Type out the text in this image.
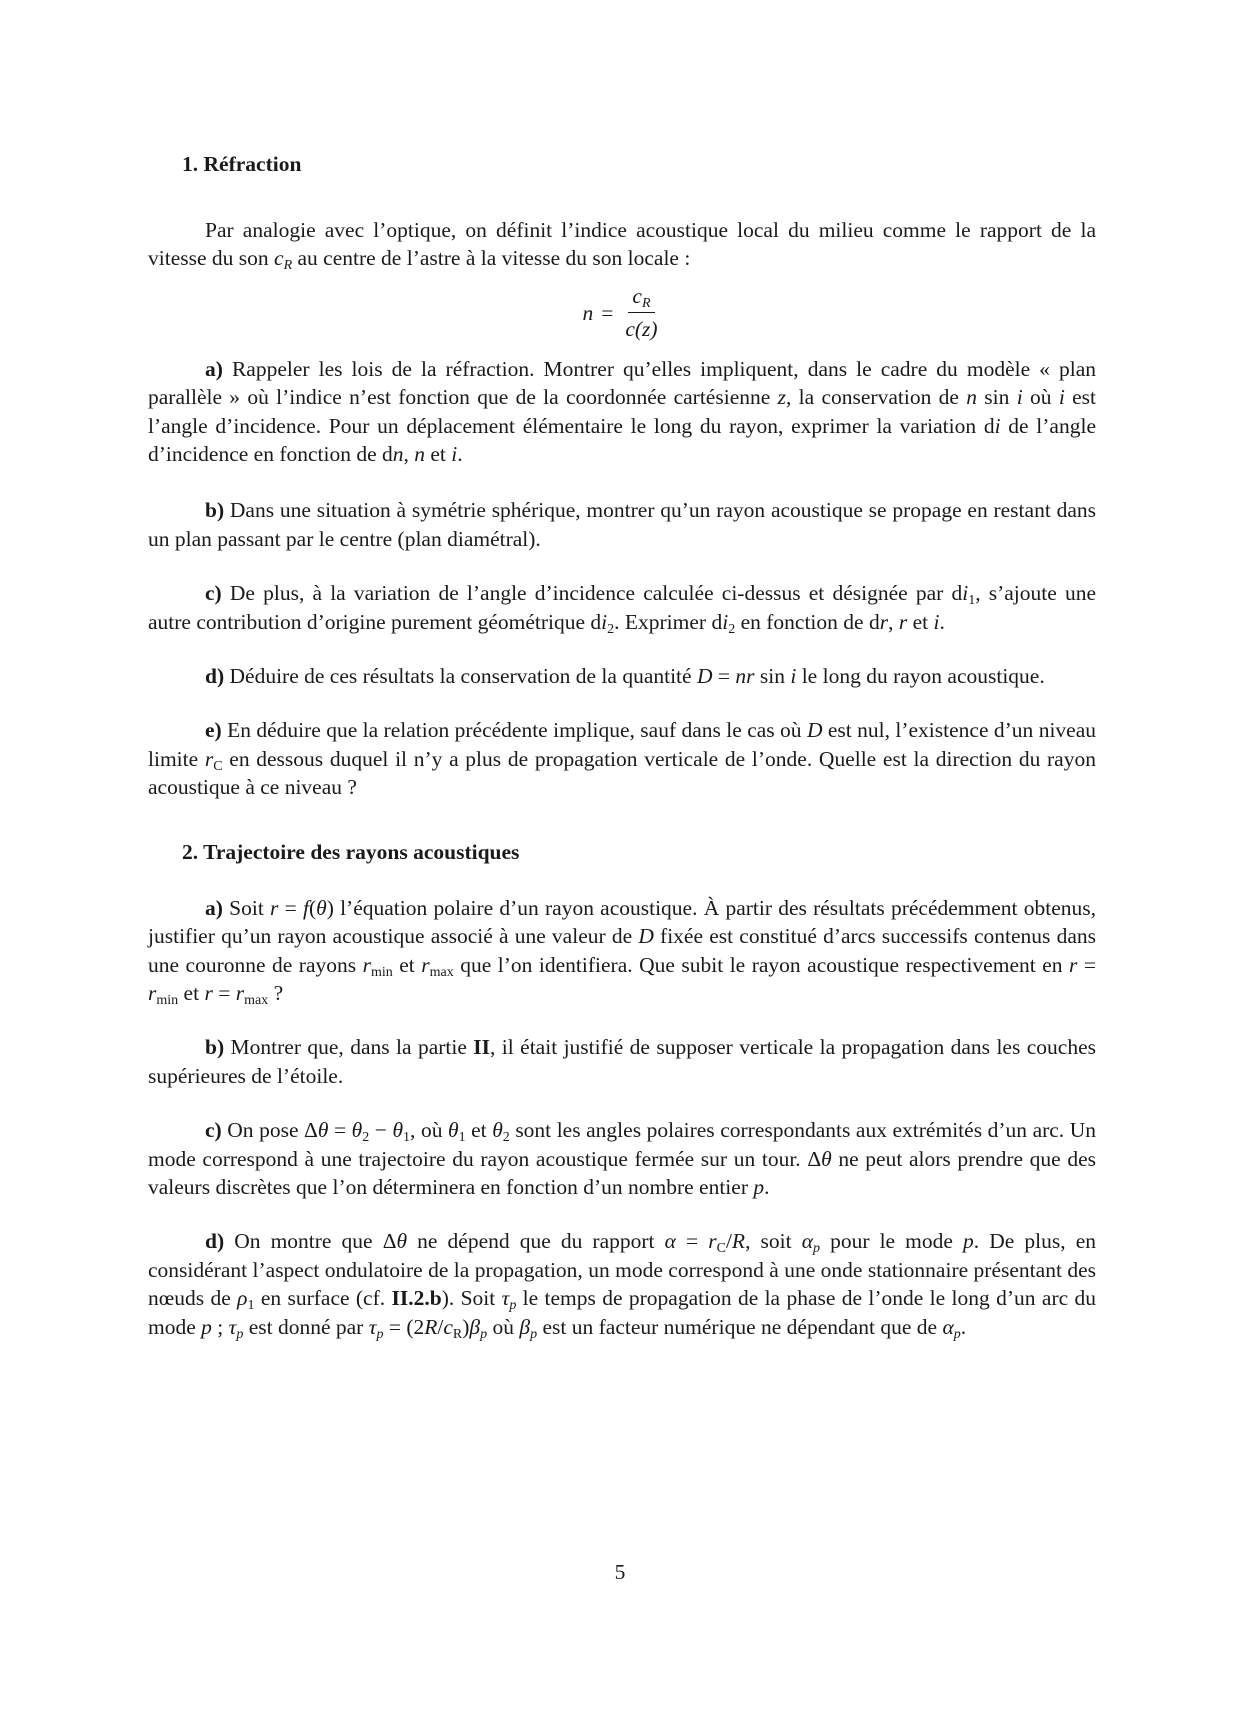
1. Réfraction

Par analogie avec l’optique, on définit l’indice acoustique local du milieu comme le rapport de la vitesse du son $c_R$ au centre de l’astre à la vitesse du son locale :

$n = \frac{c_R}{c(z)}$

a) Rappeler les lois de la réfraction. Montrer qu’elles impliquent, dans le cadre du modèle « plan parallèle » où l’indice n’est fonction que de la coordonnée cartésienne z, la conservation de n sin i où i est l’angle d’incidence. Pour un déplacement élémentaire le long du rayon, exprimer la variation di de l’angle d’incidence en fonction de dn, n et i.

b) Dans une situation à symétrie sphérique, montrer qu’un rayon acoustique se propage en restant dans un plan passant par le centre (plan diamétral).

c) De plus, à la variation de l’angle d’incidence calculée ci-dessus et désignée par $di_1$, s’ajoute une autre contribution d’origine purement géométrique $di_2$. Exprimer $di_2$ en fonction de dr, r et i.

d) Déduire de ces résultats la conservation de la quantité D = nr sin i le long du rayon acoustique.

e) En déduire que la relation précédente implique, sauf dans le cas où D est nul, l’existence d’un niveau limite $r_C$ en dessous duquel il n’y a plus de propagation verticale de l’onde. Quelle est la direction du rayon acoustique à ce niveau ?

2. Trajectoire des rayons acoustiques

a) Soit r = f(θ) l’équation polaire d’un rayon acoustique. À partir des résultats précédemment obtenus, justifier qu’un rayon acoustique associé à une valeur de D fixée est constitué d’arcs successifs contenus dans une couronne de rayons $r_{min}$ et $r_{max}$ que l’on identifiera. Que subit le rayon acoustique respectivement en $r = r_{min}$ et $r = r_{max}$ ?

b) Montrer que, dans la partie II, il était justifié de supposer verticale la propagation dans les couches supérieures de l’étoile.

c) On pose $\Delta\theta = \theta_2 - \theta_1$, où $\theta_1$ et $\theta_2$ sont les angles polaires correspondants aux extrémités d’un arc. Un mode correspond à une trajectoire du rayon acoustique fermée sur un tour. Δθ ne peut alors prendre que des valeurs discrètes que l’on déterminera en fonction d’un nombre entier p.

d) On montre que Δθ ne dépend que du rapport $\alpha = r_C/R$, soit $\alpha_p$ pour le mode p. De plus, en considérant l’aspect ondulatoire de la propagation, un mode correspond à une onde stationnaire présentant des nœuds de $\rho_1$ en surface (cf. II.2.b). Soit $\tau_p$ le temps de propagation de la phase de l’onde le long d’un arc du mode p ; $\tau_p$ est donné par $\tau_p = (2R/c_R)\beta_p$ où $\beta_p$ est un facteur numérique ne dépendant que de $\alpha_p$.

5
